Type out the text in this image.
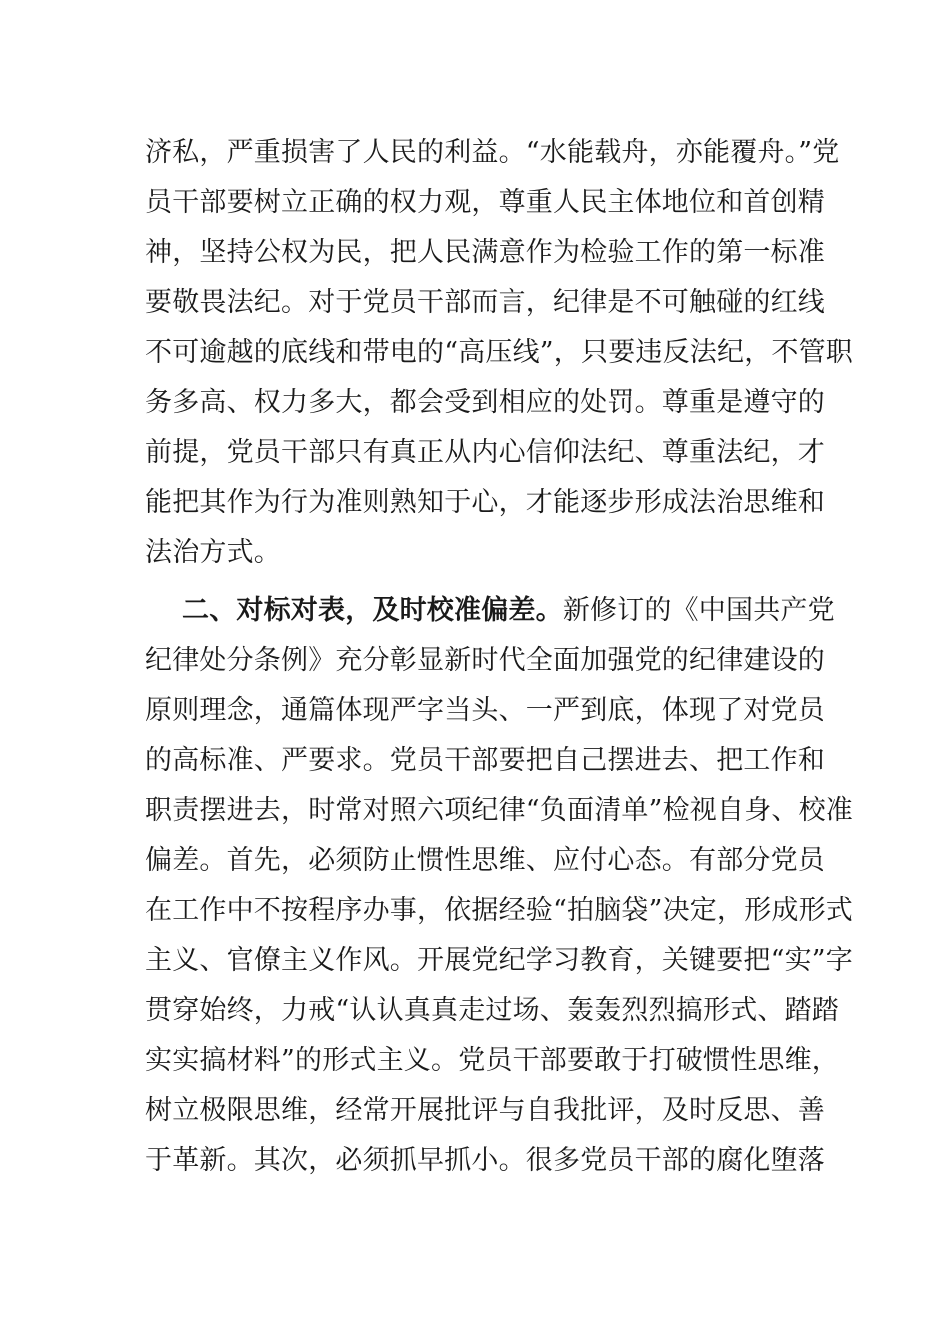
济私，严重损害了人民的利益。“水能载舟，亦能覆舟。”党
员干部要树立正确的权力观，尊重人民主体地位和首创精
神，坚持公权为民，把人民满意作为检验工作的第一标准
要敬畏法纪。对于党员干部而言，纪律是不可触碰的红线
不可逾越的底线和带电的“高压线”，只要违反法纪，不管职
务多高、权力多大，都会受到相应的处罚。尊重是遵守的
前提，党员干部只有真正从内心信仰法纪、尊重法纪，才
能把其作为行为准则熟知于心，才能逐步形成法治思维和
法治方式。
二、对标对表，及时校准偏差。新修订的《中国共产党
纪律处分条例》充分彰显新时代全面加强党的纪律建设的
原则理念，通篇体现严字当头、一严到底，体现了对党员
的高标准、严要求。党员干部要把自己摆进去、把工作和
职责摆进去，时常对照六项纪律“负面清单”检视自身、校准
偏差。首先，必须防止惯性思维、应付心态。有部分党员
在工作中不按程序办事，依据经验“拍脑袋”决定，形成形式
主义、官僚主义作风。开展党纪学习教育，关键要把“实”字
贯穿始终，力戒“认认真真走过场、轰轰烈烈搞形式、踏踏
实实搞材料”的形式主义。党员干部要敢于打破惯性思维，
树立极限思维，经常开展批评与自我批评，及时反思、善
于革新。其次，必须抓早抓小。很多党员干部的腐化堕落
